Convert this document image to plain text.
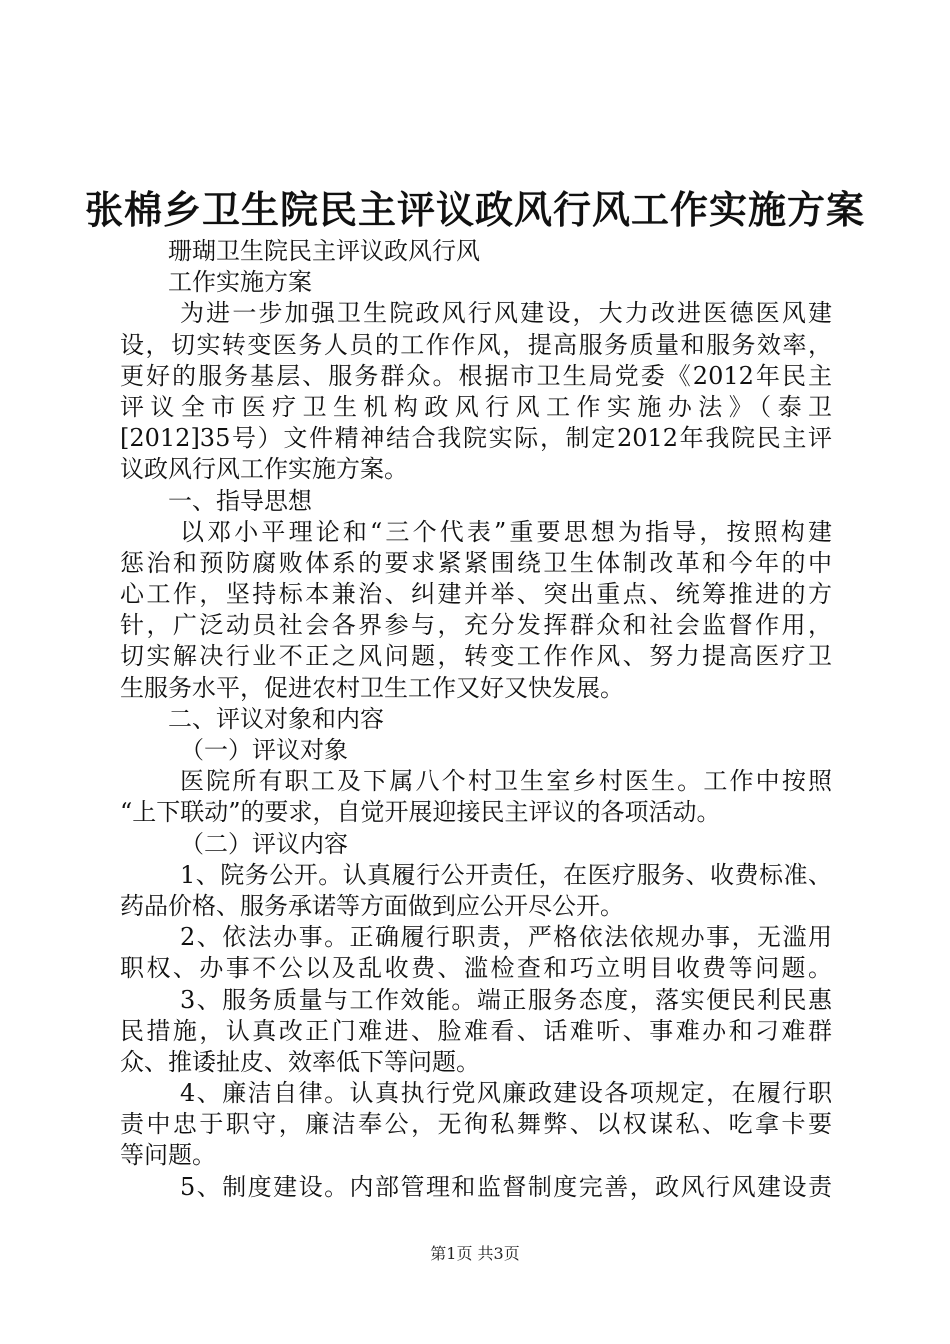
张棉乡卫生院民主评议政风行风工作实施方案
珊瑚卫生院民主评议政风行风
工作实施方案
为进一步加强卫生院政风行风建设，大力改进医德医风建
设，切实转变医务人员的工作作风，提高服务质量和服务效率，
更好的服务基层、服务群众。根据市卫生局党委《2012年民主
评议全市医疗卫生机构政风行风工作实施办法》（泰卫
[2012]35号）文件精神结合我院实际，制定2012年我院民主评
议政风行风工作实施方案。
一、指导思想
以邓小平理论和“三个代表”重要思想为指导，按照构建
惩治和预防腐败体系的要求紧紧围绕卫生体制改革和今年的中
心工作，坚持标本兼治、纠建并举、突出重点、统筹推进的方
针，广泛动员社会各界参与，充分发挥群众和社会监督作用，
切实解决行业不正之风问题，转变工作作风、努力提高医疗卫
生服务水平，促进农村卫生工作又好又快发展。
二、评议对象和内容
（一）评议对象
医院所有职工及下属八个村卫生室乡村医生。工作中按照
“上下联动”的要求，自觉开展迎接民主评议的各项活动。
（二）评议内容
1、院务公开。认真履行公开责任，在医疗服务、收费标准、
药品价格、服务承诺等方面做到应公开尽公开。
2、依法办事。正确履行职责，严格依法依规办事，无滥用
职权、办事不公以及乱收费、滥检查和巧立明目收费等问题。
3、服务质量与工作效能。端正服务态度，落实便民利民惠
民措施，认真改正门难进、脸难看、话难听、事难办和刁难群
众、推诿扯皮、效率低下等问题。
4、廉洁自律。认真执行党风廉政建设各项规定，在履行职
责中忠于职守，廉洁奉公，无徇私舞弊、以权谋私、吃拿卡要
等问题。
5、制度建设。内部管理和监督制度完善，政风行风建设责
第1页 共3页
